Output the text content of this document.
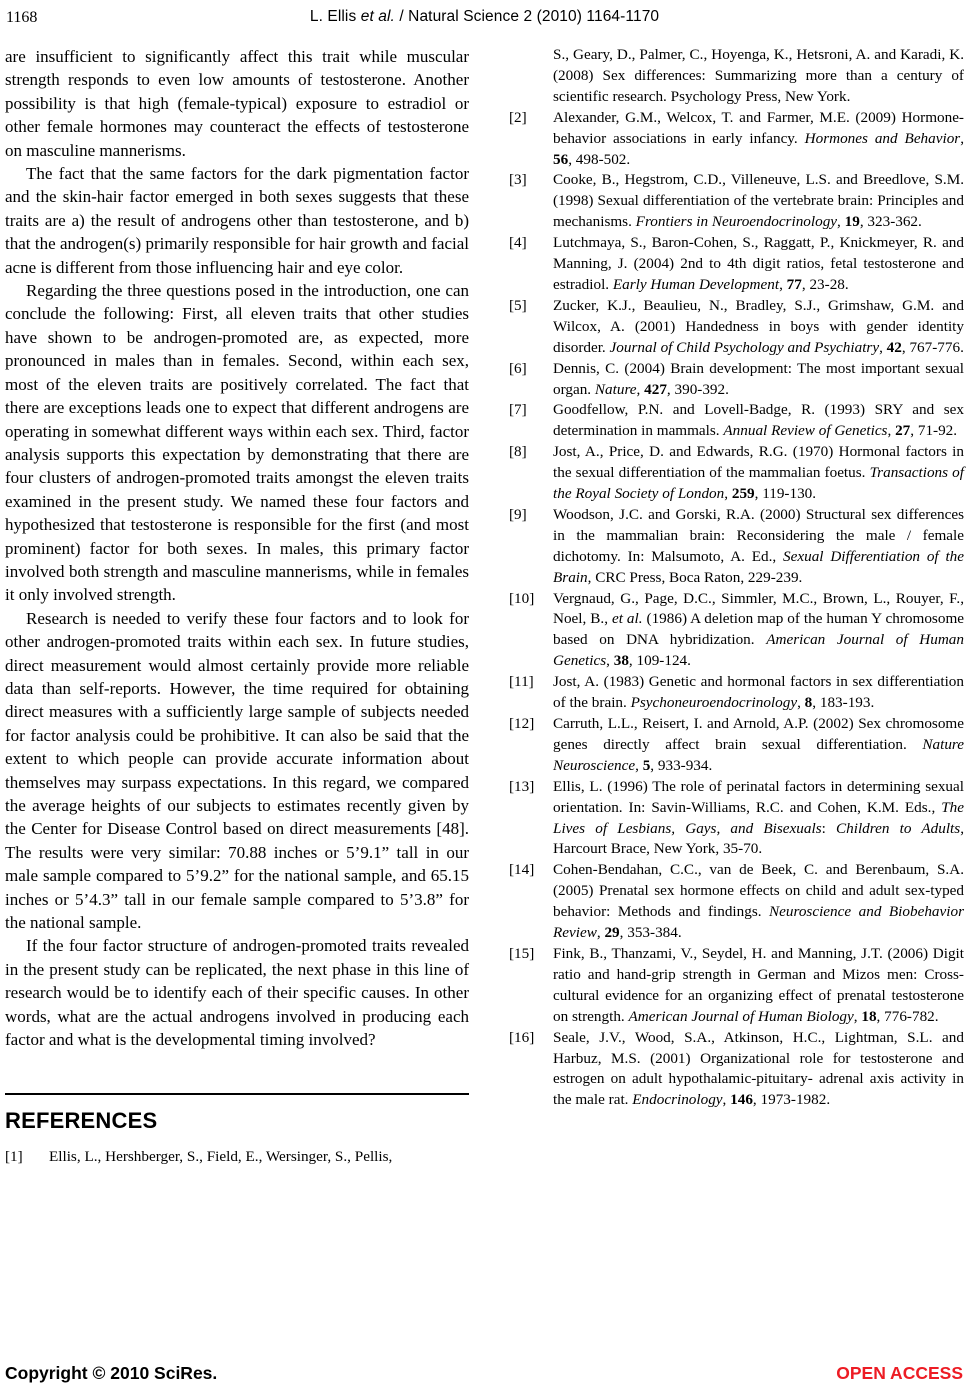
1168	L. Ellis et al. / Natural Science 2 (2010) 1164-1170

are insufficient to significantly affect this trait while muscular strength responds to even low amounts of testosterone. Another possibility is that high (female-typical) exposure to estradiol or other female hormones may counteract the effects of testosterone on masculine mannerisms.

The fact that the same factors for the dark pigmentation factor and the skin-hair factor emerged in both sexes suggests that these traits are a) the result of androgens other than testosterone, and b) that the androgen(s) primarily responsible for hair growth and facial acne is different from those influencing hair and eye color.

Regarding the three questions posed in the introduction, one can conclude the following: First, all eleven traits that other studies have shown to be androgen-promoted are, as expected, more pronounced in males than in females. Second, within each sex, most of the eleven traits are positively correlated. The fact that there are exceptions leads one to expect that different androgens are operating in somewhat different ways within each sex. Third, factor analysis supports this expectation by demonstrating that there are four clusters of androgen-promoted traits amongst the eleven traits examined in the present study. We named these four factors and hypothesized that testosterone is responsible for the first (and most prominent) factor for both sexes. In males, this primary factor involved both strength and masculine mannerisms, while in females it only involved strength.

Research is needed to verify these four factors and to look for other androgen-promoted traits within each sex. In future studies, direct measurement would almost certainly provide more reliable data than self-reports. However, the time required for obtaining direct measures with a sufficiently large sample of subjects needed for factor analysis could be prohibitive. It can also be said that the extent to which people can provide accurate information about themselves may surpass expectations. In this regard, we compared the average heights of our subjects to estimates recently given by the Center for Disease Control based on direct measurements [48]. The results were very similar: 70.88 inches or 5’9.1” tall in our male sample compared to 5’9.2” for the national sample, and 65.15 inches or 5’4.3” tall in our female sample compared to 5’3.8” for the national sample.

If the four factor structure of androgen-promoted traits revealed in the present study can be replicated, the next phase in this line of research would be to identify each of their specific causes. In other words, what are the actual androgens involved in producing each factor and what is the developmental timing involved?

REFERENCES
[1] Ellis, L., Hershberger, S., Field, E., Wersinger, S., Pellis,
S., Geary, D., Palmer, C., Hoyenga, K., Hetsroni, A. and Karadi, K. (2008) Sex differences: Summarizing more than a century of scientific research. Psychology Press, New York.
[2] Alexander, G.M., Welcox, T. and Farmer, M.E. (2009) Hormone-behavior associations in early infancy. Hormones and Behavior, 56, 498-502.
[3] Cooke, B., Hegstrom, C.D., Villeneuve, L.S. and Breedlove, S.M. (1998) Sexual differentiation of the vertebrate brain: Principles and mechanisms. Frontiers in Neuroendocrinology, 19, 323-362.
[4] Lutchmaya, S., Baron-Cohen, S., Raggatt, P., Knickmeyer, R. and Manning, J. (2004) 2nd to 4th digit ratios, fetal testosterone and estradiol. Early Human Development, 77, 23-28.
[5] Zucker, K.J., Beaulieu, N., Bradley, S.J., Grimshaw, G.M. and Wilcox, A. (2001) Handedness in boys with gender identity disorder. Journal of Child Psychology and Psychiatry, 42, 767-776.
[6] Dennis, C. (2004) Brain development: The most important sexual organ. Nature, 427, 390-392.
[7] Goodfellow, P.N. and Lovell-Badge, R. (1993) SRY and sex determination in mammals. Annual Review of Genetics, 27, 71-92.
[8] Jost, A., Price, D. and Edwards, R.G. (1970) Hormonal factors in the sexual differentiation of the mammalian foetus. Transactions of the Royal Society of London, 259, 119-130.
[9] Woodson, J.C. and Gorski, R.A. (2000) Structural sex differences in the mammalian brain: Reconsidering the male / female dichotomy. In: Malsumoto, A. Ed., Sexual Differentiation of the Brain, CRC Press, Boca Raton, 229-239.
[10] Vergnaud, G., Page, D.C., Simmler, M.C., Brown, L., Rouyer, F., Noel, B., et al. (1986) A deletion map of the human Y chromosome based on DNA hybridization. American Journal of Human Genetics, 38, 109-124.
[11] Jost, A. (1983) Genetic and hormonal factors in sex differentiation of the brain. Psychoneuroendocrinology, 8, 183-193.
[12] Carruth, L.L., Reisert, I. and Arnold, A.P. (2002) Sex chromosome genes directly affect brain sexual differentiation. Nature Neuroscience, 5, 933-934.
[13] Ellis, L. (1996) The role of perinatal factors in determining sexual orientation. In: Savin-Williams, R.C. and Cohen, K.M. Eds., The Lives of Lesbians, Gays, and Bisexuals: Children to Adults, Harcourt Brace, New York, 35-70.
[14] Cohen-Bendahan, C.C., van de Beek, C. and Berenbaum, S.A. (2005) Prenatal sex hormone effects on child and adult sex-typed behavior: Methods and findings. Neuroscience and Biobehavior Review, 29, 353-384.
[15] Fink, B., Thanzami, V., Seydel, H. and Manning, J.T. (2006) Digit ratio and hand-grip strength in German and Mizos men: Cross-cultural evidence for an organizing effect of prenatal testosterone on strength. American Journal of Human Biology, 18, 776-782.
[16] Seale, J.V., Wood, S.A., Atkinson, H.C., Lightman, S.L. and Harbuz, M.S. (2001) Organizational role for testosterone and estrogen on adult hypothalamic-pituitary- adrenal axis activity in the male rat. Endocrinology, 146, 1973-1982.
Copyright © 2010 SciRes.	OPEN ACCESS
